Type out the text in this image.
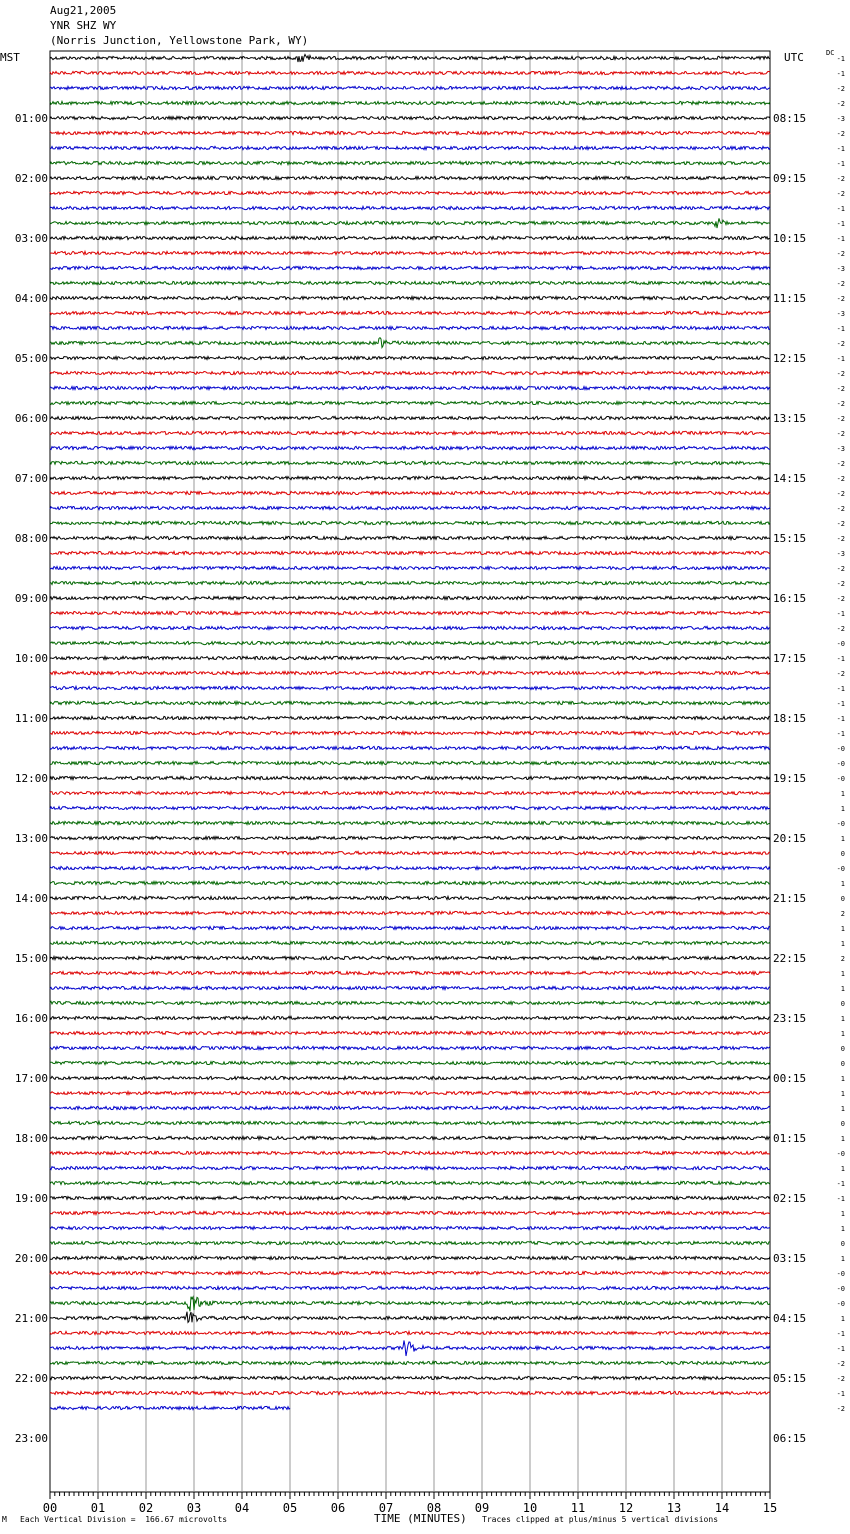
Aug21,2005
YNR SHZ WY
(Norris Junction, Yellowstone Park, WY)
MST	UTC	DC
00	01	02	03	04	05	06	07	08	09	10	11	12	13	14	15
-1
-1
-2
-2
-3
-2
-1
-1
-2
-2
-1
-1
-1
-2
-3
-2
-2
-3
-1
-2
-1
-2
-2
-2
-2
-2
-3
-2
-2
-2
-2
-2
-2
-3
-2
-2
-2
-1
-2
-0
-1
-2
-1
-1
-1
-1
-0
-0
-0
1
1
-0
1
0
-0
1
0
2
1
1
2
1
1
0
1
1
0
0
1
1
1
0
1
-0
1
-1
-1
1
1
0
1
-0
-0
-0
1
-1
-1
-2
-2
-1
-2
01:00
02:00
03:00
04:00
05:00
06:00
07:00
08:00
09:00
10:00
11:00
12:00
13:00
14:00
15:00
16:00
17:00
18:00
19:00
20:00
21:00
22:00
23:00
08:15
09:15
10:15
11:15
12:15
13:15
14:15
15:15
16:15
17:15
18:15
19:15
20:15
21:15
22:15
23:15
00:15
01:15
02:15
03:15
04:15
05:15
06:15
M Each Vertical Division =  166.67 microvolts	TIME (MINUTES) Traces clipped at plus/minus 5 vertical divisions
